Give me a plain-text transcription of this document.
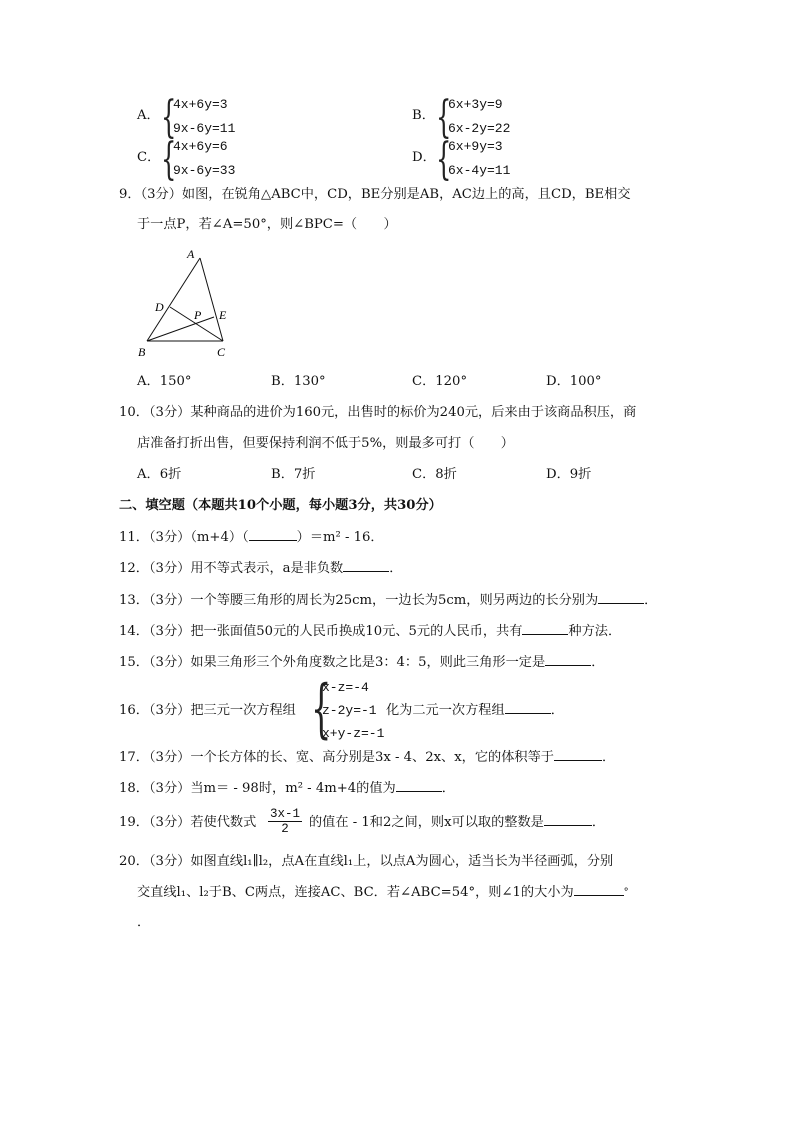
A． {
4x+6y=3
9x-6y=11
B． {
6x+3y=9
6x-2y=22
C． {
4x+6y=6
9x-6y=33
D． {
6x+9y=3
6x-4y=11
9．（3分）如图，在锐角△ABC中，CD，BE分别是AB，AC边上的高，且CD，BE相交
于一点P，若∠A=50°，则∠BPC=（　　）
A
D
P E
B	C
A．150°	B．130°	C．120°	D．100°
10．（3分）某种商品的进价为160元，出售时的标价为240元，后来由于该商品积压，商
店准备打折出售，但要保持利润不低于5%，则最多可打（　　）
A．6折	B．7折	C．8折	D．9折
二、填空题（本题共10个小题，每小题3分，共30分）
11．（3分）（m+4）（	）＝m² - 16．
12．（3分）用不等式表示，a是非负数	．
13．（3分）一个等腰三角形的周长为25cm，一边长为5cm，则另两边的长分别为	．
14．（3分）把一张面值50元的人民币换成10元、5元的人民币，共有	种方法．
15．（3分）如果三角形三个外角度数之比是3：4：5，则此三角形一定是	．
16．（3分）把三元一次方程组 {
x-z=-4
z-2y=-1
x+y-z=-1
化为二元一次方程组	．
17．（3分）一个长方体的长、宽、高分别是3x - 4、2x、x，它的体积等于	．
18．（3分）当m＝ - 98时，m² - 4m+4的值为	．
19．（3分）若使代数式 $\frac{3x-1}{2}$ 的值在 - 1和2之间，则x可以取的整数是	．
20．（3分）如图直线l₁∥l₂，点A在直线l₁上，以点A为圆心，适当长为半径画弧，分别
交直线l₁、l₂于B、C两点，连接AC、BC．若∠ABC=54°，则∠1的大小为	°
．
